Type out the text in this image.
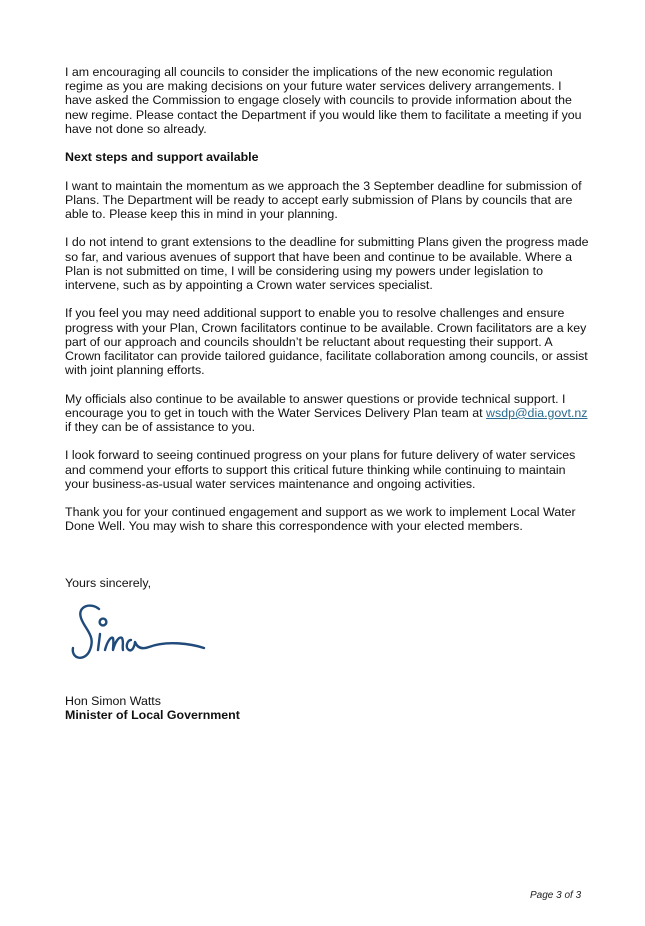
I am encouraging all councils to consider the implications of the new economic regulation regime as you are making decisions on your future water services delivery arrangements. I have asked the Commission to engage closely with councils to provide information about the new regime. Please contact the Department if you would like them to facilitate a meeting if you have not done so already.

Next steps and support available

I want to maintain the momentum as we approach the 3 September deadline for submission of Plans. The Department will be ready to accept early submission of Plans by councils that are able to. Please keep this in mind in your planning.

I do not intend to grant extensions to the deadline for submitting Plans given the progress made so far, and various avenues of support that have been and continue to be available. Where a Plan is not submitted on time, I will be considering using my powers under legislation to intervene, such as by appointing a Crown water services specialist.

If you feel you may need additional support to enable you to resolve challenges and ensure progress with your Plan, Crown facilitators continue to be available. Crown facilitators are a key part of our approach and councils shouldn’t be reluctant about requesting their support. A Crown facilitator can provide tailored guidance, facilitate collaboration among councils, or assist with joint planning efforts.

My officials also continue to be available to answer questions or provide technical support. I encourage you to get in touch with the Water Services Delivery Plan team at wsdp@dia.govt.nz if they can be of assistance to you.

I look forward to seeing continued progress on your plans for future delivery of water services and commend your efforts to support this critical future thinking while continuing to maintain your business-as-usual water services maintenance and ongoing activities.

Thank you for your continued engagement and support as we work to implement Local Water Done Well. You may wish to share this correspondence with your elected members.

Yours sincerely,
Hon Simon Watts
Minister of Local Government
Page 3 of 3
